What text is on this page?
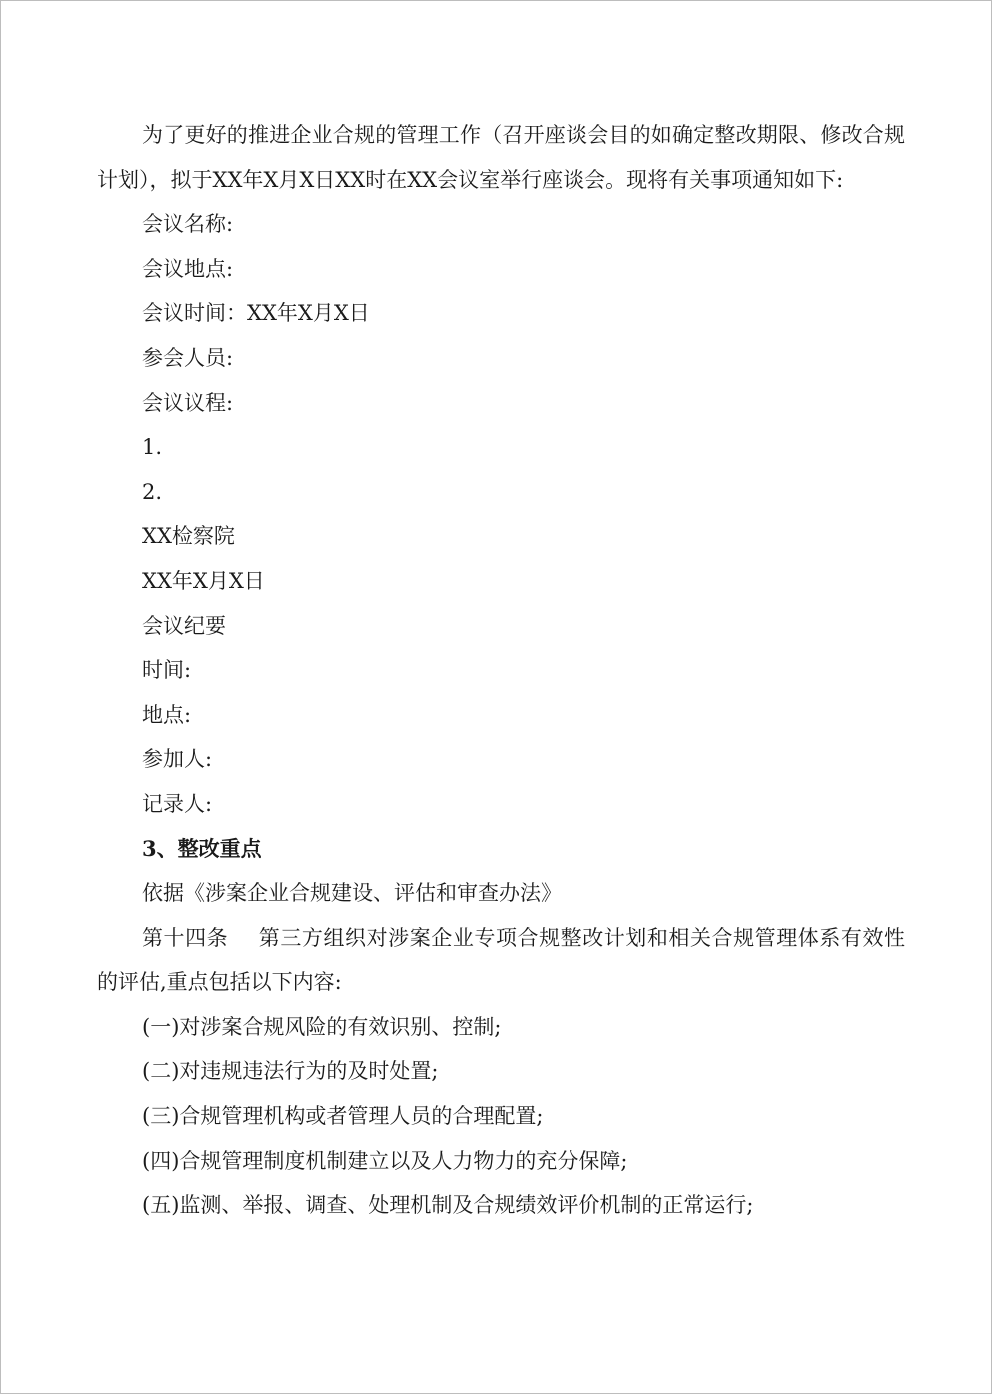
为了更好的推进企业合规的管理工作（召开座谈会目的如确定整改期限、修改合规计划），拟于XX年X月X日XX时在XX会议室举行座谈会。现将有关事项通知如下:

会议名称:

会议地点:

会议时间：XX年X月X日

参会人员:

会议议程:

1.

2.

XX检察院

XX年X月X日

会议纪要

时间:

地点:

参加人:

记录人:

3、整改重点

依据《涉案企业合规建设、评估和审查办法》

第十四条 第三方组织对涉案企业专项合规整改计划和相关合规管理体系有效性的评估,重点包括以下内容:

(一)对涉案合规风险的有效识别、控制;

(二)对违规违法行为的及时处置;

(三)合规管理机构或者管理人员的合理配置;

(四)合规管理制度机制建立以及人力物力的充分保障;

(五)监测、举报、调查、处理机制及合规绩效评价机制的正常运行;
